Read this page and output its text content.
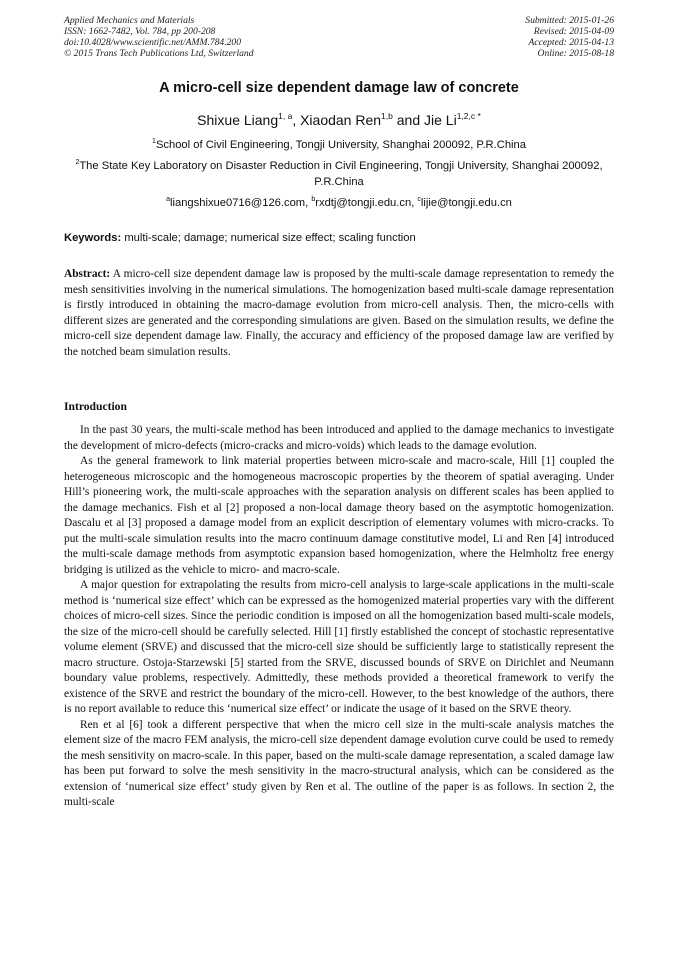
Applied Mechanics and Materials
ISSN: 1662-7482, Vol. 784, pp 200-208
doi:10.4028/www.scientific.net/AMM.784.200
© 2015 Trans Tech Publications Ltd, Switzerland
Submitted: 2015-01-26
Revised: 2015-04-09
Accepted: 2015-04-13
Online: 2015-08-18
A micro-cell size dependent damage law of concrete
Shixue Liang$^{1, a}$, Xiaodan Ren$^{1,b}$ and Jie $Li^{1,2,c *}$
$^1$School of Civil Engineering, Tongji University, Shanghai 200092, P.R.China
$^2$The State Key Laboratory on Disaster Reduction in Civil Engineering, Tongji University, Shanghai 200092, P.R.China
$^a$liangshixue0716@126.com, $^b$rxdtj@tongji.edu.cn, $^c$lijie@tongji.edu.cn
Keywords: multi-scale; damage; numerical size effect; scaling function

Abstract: A micro-cell size dependent damage law is proposed by the multi-scale damage representation to remedy the mesh sensitivities involving in the numerical simulations. The homogenization based multi-scale damage representation is firstly introduced in obtaining the macro-damage evolution from micro-cell analysis. Then, the micro-cells with different sizes are generated and the corresponding simulations are given. Based on the simulation results, we define the micro-cell size dependent damage law. Finally, the accuracy and efficiency of the proposed damage law are verified by the notched beam simulation results.

Introduction

In the past 30 years, the multi-scale method has been introduced and applied to the damage mechanics to investigate the development of micro-defects (micro-cracks and micro-voids) which leads to the damage evolution.

As the general framework to link material properties between micro-scale and macro-scale, Hill [1] coupled the heterogeneous microscopic and the homogeneous macroscopic properties by the theorem of spatial averaging. Under Hill’s pioneering work, the multi-scale approaches with the separation analysis on different scales has been applied to the damage mechanics. Fish et al [2] proposed a non-local damage theory based on the asymptotic homogenization. Dascalu et al [3] proposed a damage model from an explicit description of elementary volumes with micro-cracks. To put the multi-scale simulation results into the macro continuum damage constitutive model, Li and Ren [4] introduced the multi-scale damage methods from asymptotic expansion based homogenization, where the Helmholtz free energy bridging is utilized as the vehicle to micro- and macro-scale.

A major question for extrapolating the results from micro-cell analysis to large-scale applications in the multi-scale method is ‘numerical size effect’ which can be expressed as the homogenized material properties vary with the different choices of micro-cell sizes. Since the periodic condition is imposed on all the homogenization based multi-scale models, the size of the micro-cell should be carefully selected. Hill [1] firstly established the concept of stochastic representative volume element (SRVE) and discussed that the micro-cell size should be sufficiently large to statistically represent the macro structure. Ostoja-Starzewski [5] started from the SRVE, discussed bounds of SRVE on Dirichlet and Neumann boundary value problems, respectively. Admittedly, these methods provided a theoretical framework to verify the existence of the SRVE and restrict the boundary of the micro-cell. However, to the best knowledge of the authors, there is no report available to reduce this ‘numerical size effect’ or indicate the usage of it based on the SRVE theory.

Ren et al [6] took a different perspective that when the micro cell size in the multi-scale analysis matches the element size of the macro FEM analysis, the micro-cell size dependent damage evolution curve could be used to remedy the mesh sensitivity on macro-scale. In this paper, based on the multi-scale damage representation, a scaled damage law has been put forward to solve the mesh sensitivity in the macro-structural analysis, which can be considered as the extension of ‘numerical size effect’ study given by Ren et al. The outline of the paper is as follows. In section 2, the multi-scale
